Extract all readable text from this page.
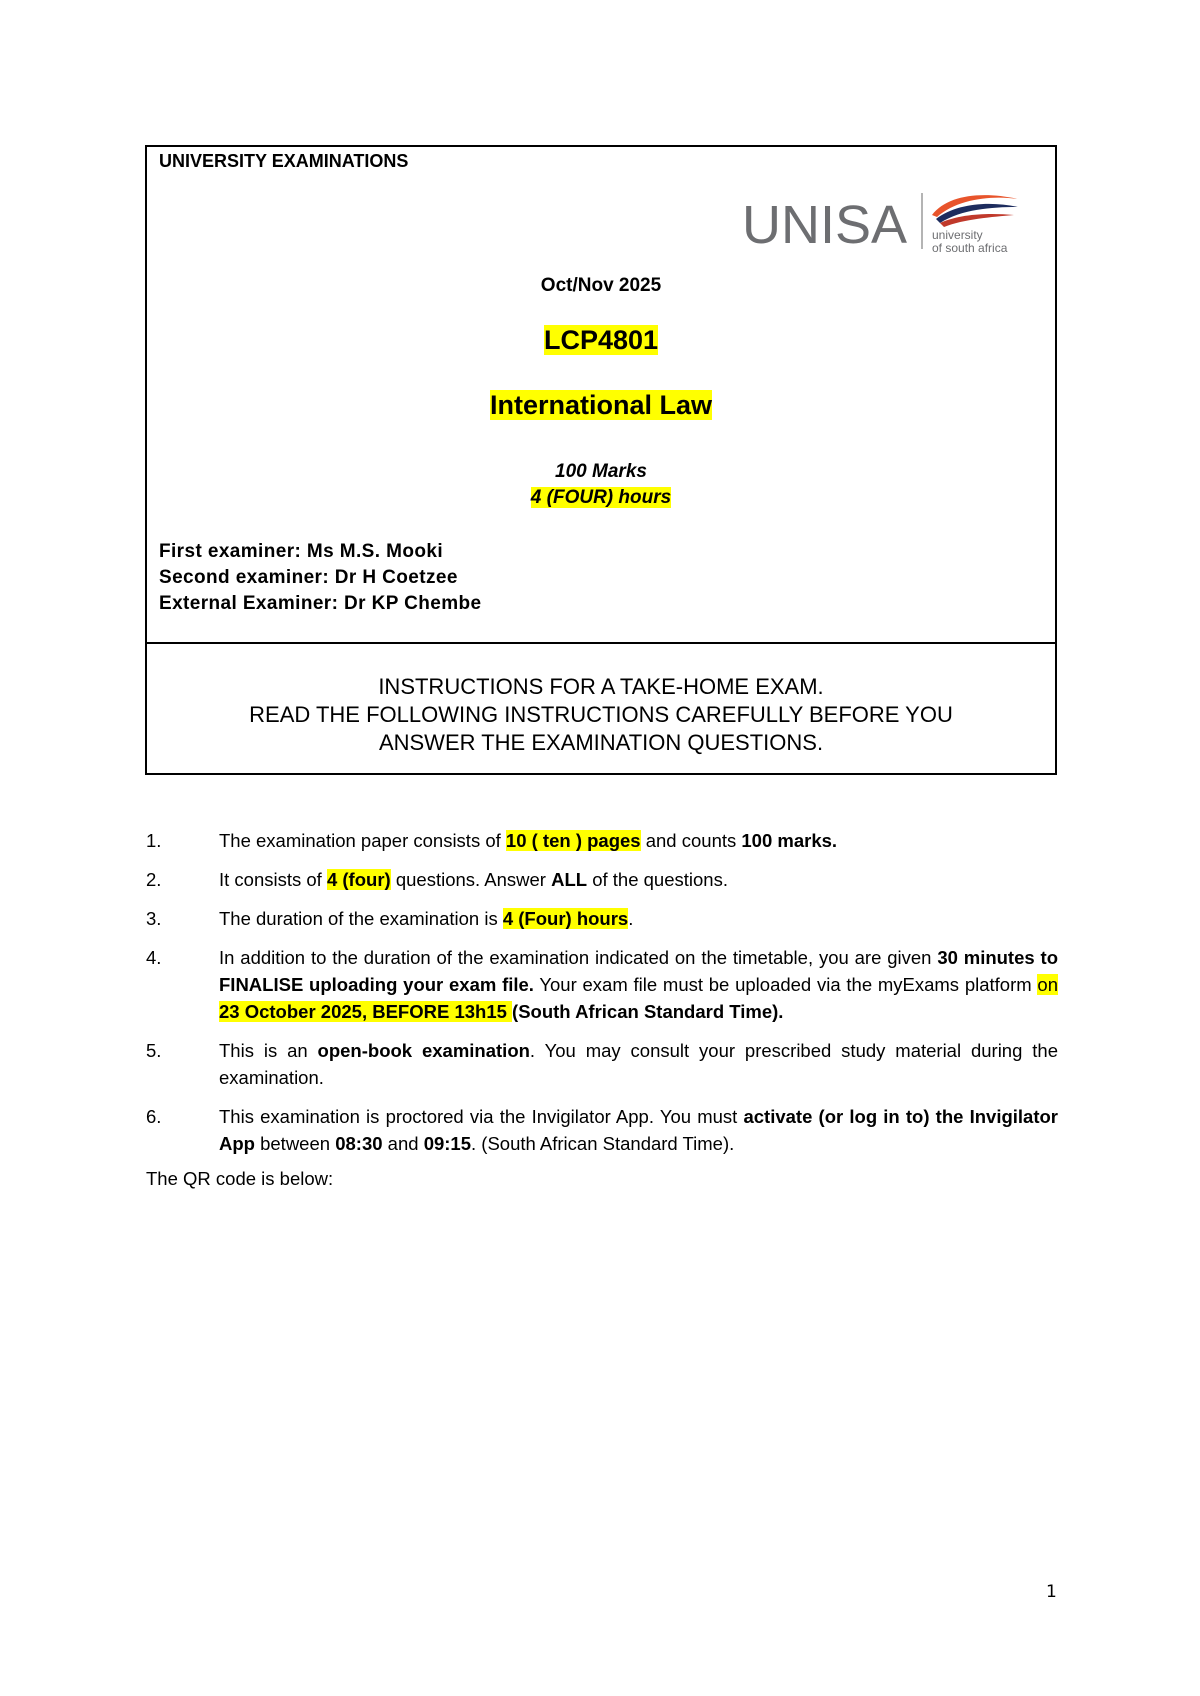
UNIVERSITY EXAMINATIONS
UNISA university
of south africa
Oct/Nov 2025
LCP4801
International Law
100 Marks
4 (FOUR) hours
First examiner: Ms M.S. Mooki
Second examiner: Dr H Coetzee
External Examiner: Dr KP Chembe
INSTRUCTIONS FOR A TAKE-HOME EXAM.
READ THE FOLLOWING INSTRUCTIONS CAREFULLY BEFORE YOU
ANSWER THE EXAMINATION QUESTIONS.
1.	The examination paper consists of 10 ( ten ) pages and counts 100 marks.
2.	It consists of 4 (four) questions. Answer ALL of the questions.
3.	The duration of the examination is 4 (Four) hours.
4.	In addition to the duration of the examination indicated on the timetable, you are given 30 minutes to FINALISE uploading your exam file. Your exam file must be uploaded via the myExams platform on 23 October 2025, BEFORE 13h15 (South African Standard Time).
5.	This is an open-book examination. You may consult your prescribed study material during the examination.
6.	This examination is proctored via the Invigilator App. You must activate (or log in to) the Invigilator App between 08:30 and 09:15. (South African Standard Time).
The QR code is below:
1
